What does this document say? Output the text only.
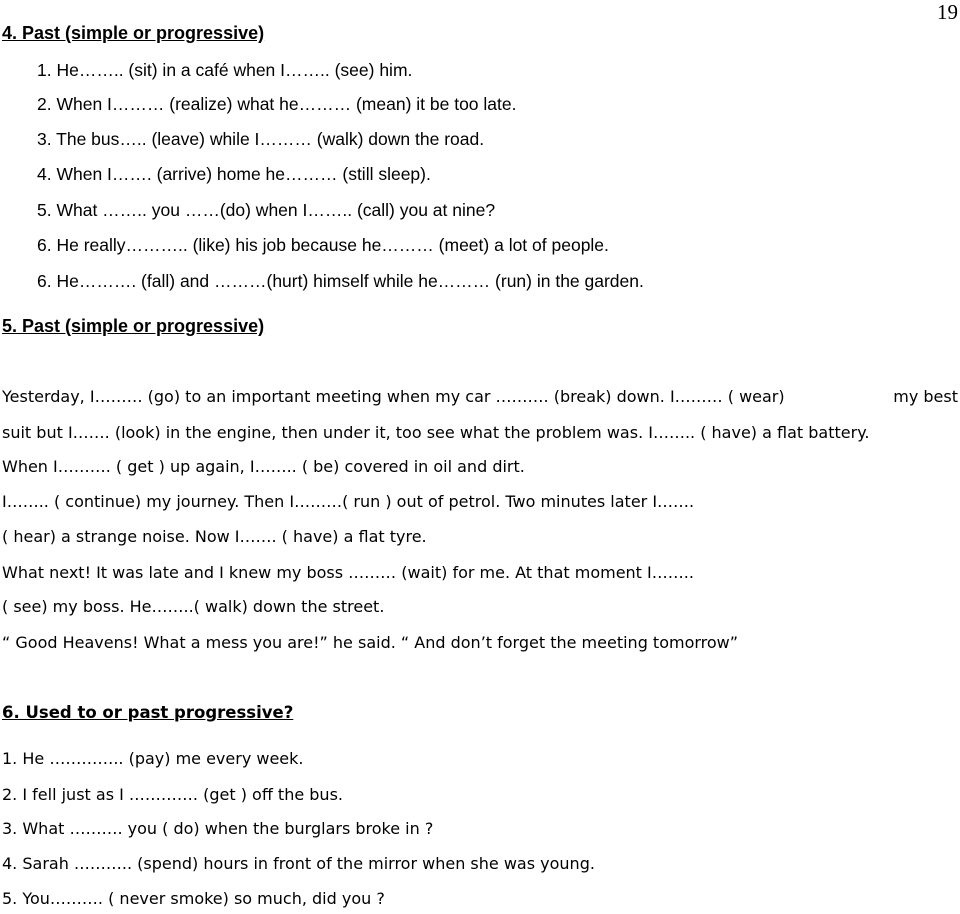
19
4. Past (simple or progressive)
1. He…….. (sit) in a café when I…….. (see) him.
2. When I……… (realize) what he……… (mean) it be too late.
3. The bus….. (leave) while I……… (walk) down the road.
4. When I……. (arrive) home he……… (still sleep).
5. What …….. you ……(do) when I…….. (call) you at nine?
6. He really……….. (like) his job because he……… (meet) a lot of people.
6. He………. (fall) and ………(hurt) himself while he……… (run) in the garden.
5. Past (simple or progressive)
Yesterday, I……… (go) to an important meeting when my car ………. (break) down. I……… ( wear)	my best
suit but I……. (look) in the engine, then under it, too see what the problem was. I…….. ( have) a flat battery.
When I………. ( get ) up again, I…….. ( be) covered in oil and dirt.
I…….. ( continue) my journey. Then I………( run ) out of petrol. Two minutes later I…….
( hear) a strange noise. Now I……. ( have) a flat tyre.
What next! It was late and I knew my boss ……… (wait) for me. At that moment I……..
( see) my boss. He……..( walk) down the street.
“ Good Heavens! What a mess you are!” he said. “ And don’t forget the meeting tomorrow”
6. Used to or past progressive?
1. He ………….. (pay) me every week.
2. I fell just as I …………. (get ) off the bus.
3. What ………. you ( do) when the burglars broke in ?
4. Sarah ……….. (spend) hours in front of the mirror when she was young.
5. You………. ( never smoke) so much, did you ?
